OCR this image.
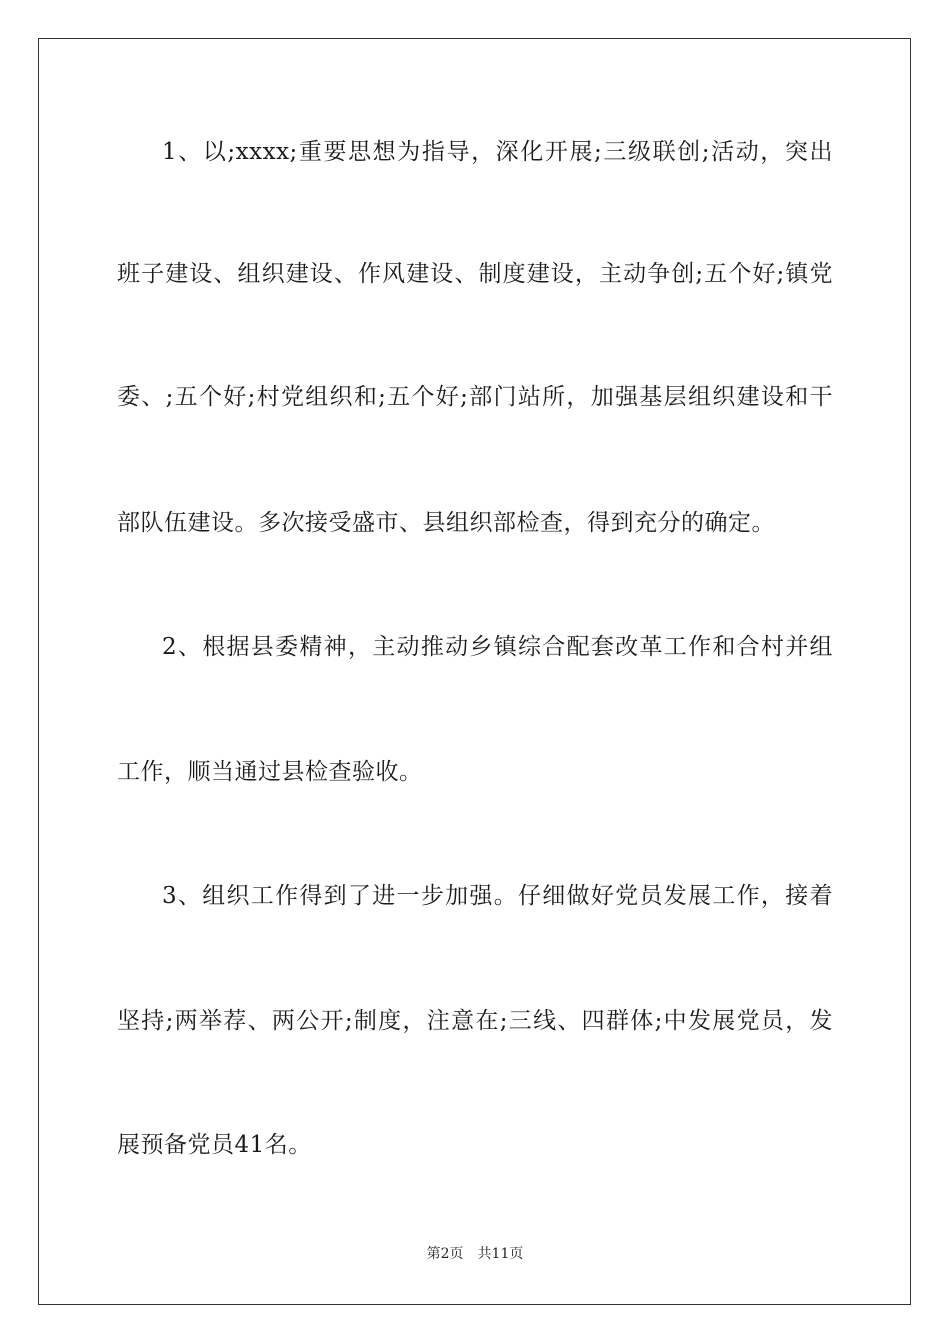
1、以;xxxx;重要思想为指导，深化开展;三级联创;活动，突出
班子建设、组织建设、作风建设、制度建设，主动争创;五个好;镇党
委、;五个好;村党组织和;五个好;部门站所，加强基层组织建设和干
部队伍建设。多次接受盛市、县组织部检查，得到充分的确定。
2、根据县委精神，主动推动乡镇综合配套改革工作和合村并组
工作，顺当通过县检查验收。
3、组织工作得到了进一步加强。仔细做好党员发展工作，接着
坚持;两举荐、两公开;制度，注意在;三线、四群体;中发展党员，发
展预备党员41名。
第2页 共11页
